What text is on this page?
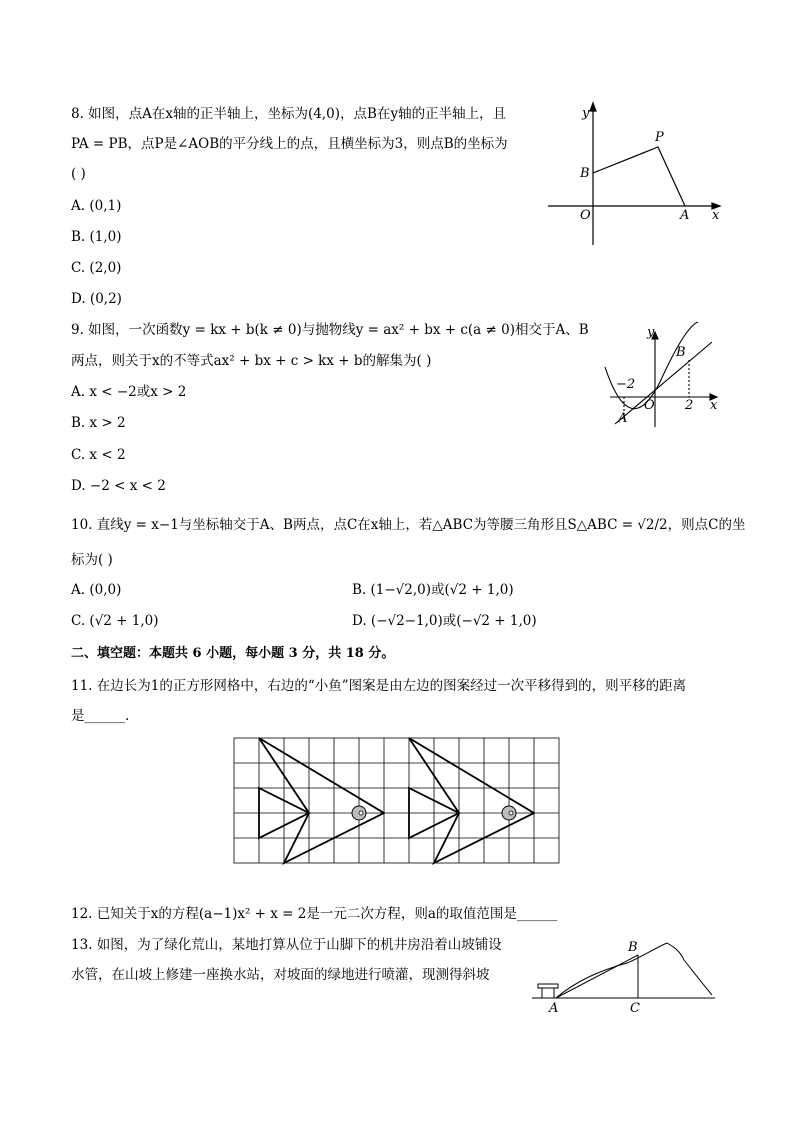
8. 如图，点A在x轴的正半轴上，坐标为(4,0)，点B在y轴的正半轴上，且
PA = PB，点P是∠AOB的平分线上的点，且横坐标为3，则点B的坐标为
( )
A. (0,1)
B. (1,0)
C. (2,0)
D. (0,2)
y
x
P
B
O	A
9. 如图，一次函数y = kx + b(k ≠ 0)与抛物线y = ax² + bx + c(a ≠ 0)相交于A、B
两点，则关于x的不等式ax² + bx + c > kx + b的解集为( )
A. x < −2或x > 2
B. x > 2
C. x < 2
D. −2 < x < 2
−2
y
x
B
A
O 2
10. 直线y = x−1与坐标轴交于A、B两点，点C在x轴上，若△ABC为等腰三角形且S△ABC = √2/2，则点C的坐
标为( )
A. (0,0)	B. (1−√2,0)或(√2 + 1,0)
C. (√2 + 1,0)	D. (−√2−1,0)或(−√2 + 1,0)
二、填空题：本题共 6 小题，每小题 3 分，共 18 分。
11. 在边长为1的正方形网格中，右边的“小鱼”图案是由左边的图案经过一次平移得到的，则平移的距离
是______.
12. 已知关于x的方程(a−1)x² + x = 2是一元二次方程，则a的取值范围是______
13. 如图，为了绿化荒山，某地打算从位于山脚下的机井房沿着山坡铺设
水管，在山坡上修建一座换水站，对坡面的绿地进行喷灌，现测得斜坡
A
B
C
